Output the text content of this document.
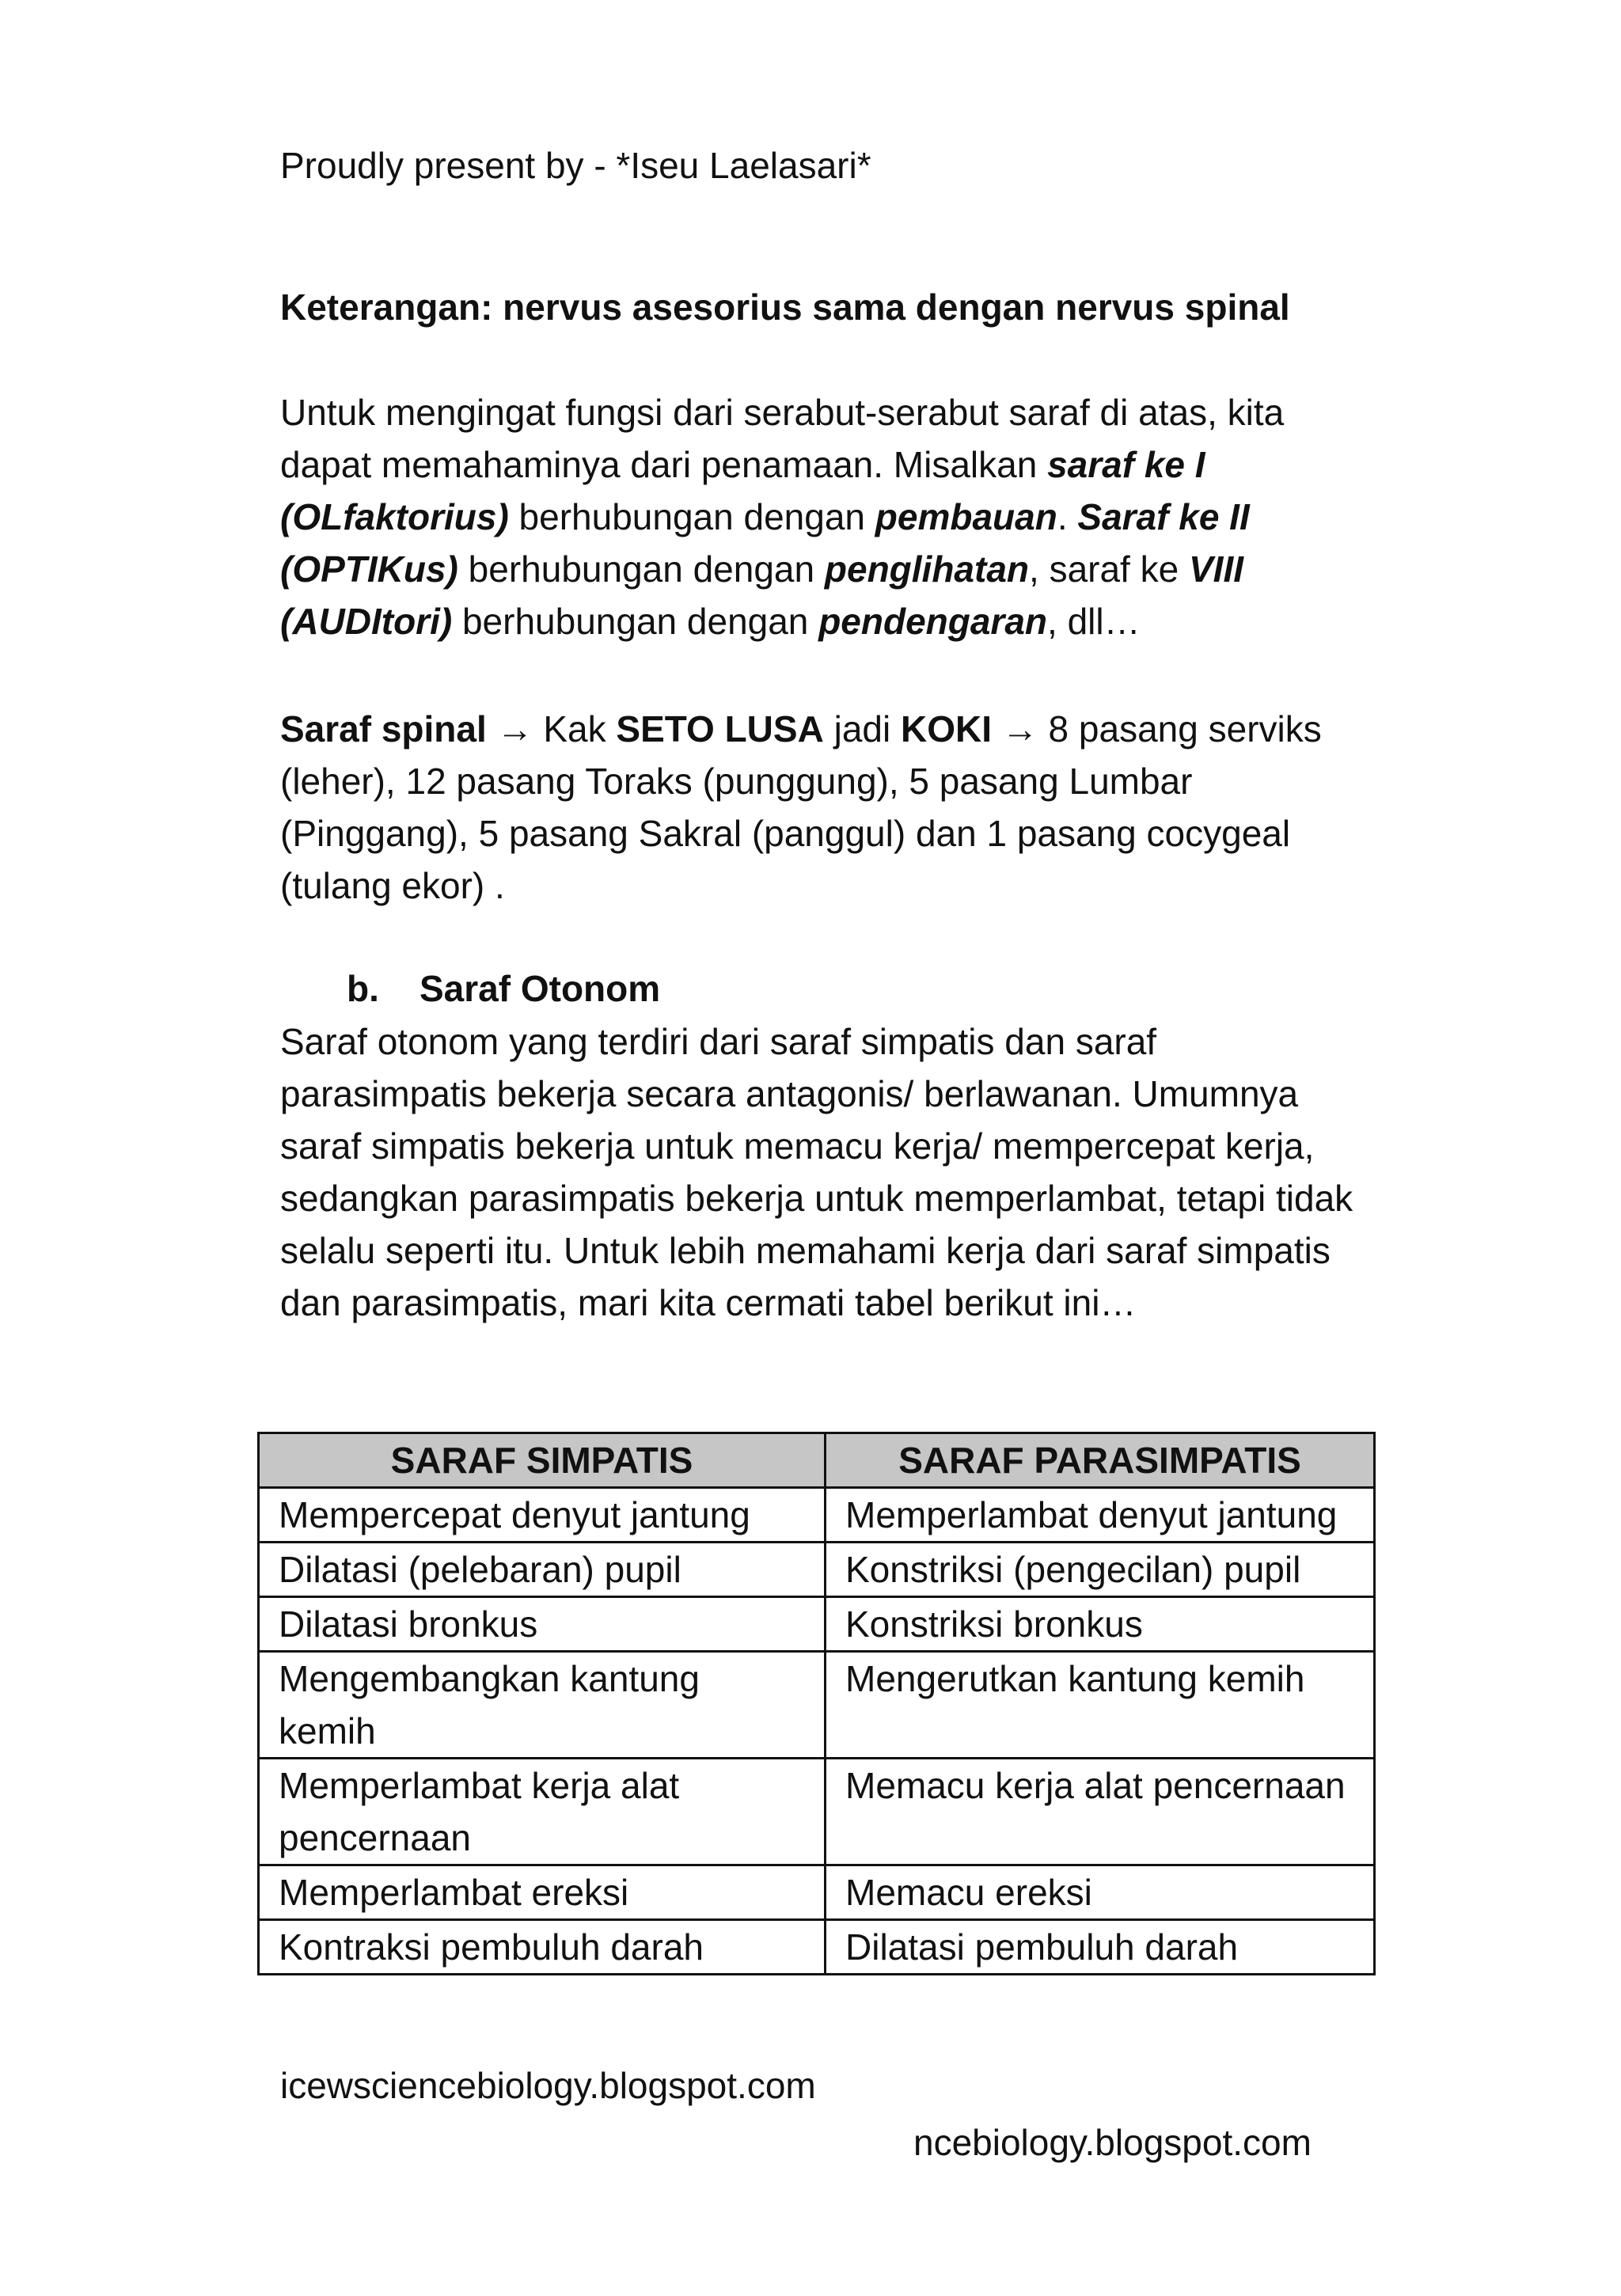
Proudly present by - *Iseu Laelasari*

Keterangan: nervus asesorius sama dengan nervus spinal

Untuk mengingat fungsi dari serabut-serabut saraf di atas, kita dapat memahaminya dari penamaan. Misalkan saraf ke I (OLfaktorius) berhubungan dengan pembauan. Saraf ke II (OPTIKus) berhubungan dengan penglihatan, saraf ke VIII (AUDItori) berhubungan dengan pendengaran, dll…

Saraf spinal → Kak SETO LUSA jadi KOKI → 8 pasang serviks (leher), 12 pasang Toraks (punggung), 5 pasang Lumbar (Pinggang), 5 pasang Sakral (panggul) dan 1 pasang cocygeal (tulang ekor) .

b. Saraf Otonom

Saraf otonom yang terdiri dari saraf simpatis dan saraf parasimpatis bekerja secara antagonis/ berlawanan. Umumnya saraf simpatis bekerja untuk memacu kerja/ mempercepat kerja, sedangkan parasimpatis bekerja untuk memperlambat, tetapi tidak selalu seperti itu. Untuk lebih memahami kerja dari saraf simpatis dan parasimpatis, mari kita cermati tabel berikut ini…

SARAF SIMPATIS	SARAF PARASIMPATIS
Mempercepat denyut jantung	Memperlambat denyut jantung
Dilatasi (pelebaran) pupil	Konstriksi (pengecilan) pupil
Dilatasi bronkus	Konstriksi bronkus
Mengembangkan kantung kemih	Mengerutkan kantung kemih
Memperlambat kerja alat pencernaan	Memacu kerja alat pencernaan
Memperlambat ereksi	Memacu ereksi
Kontraksi pembuluh darah	Dilatasi pembuluh darah

icewsciencebiology.blogspot.com

ncebiology.blogspot.com
